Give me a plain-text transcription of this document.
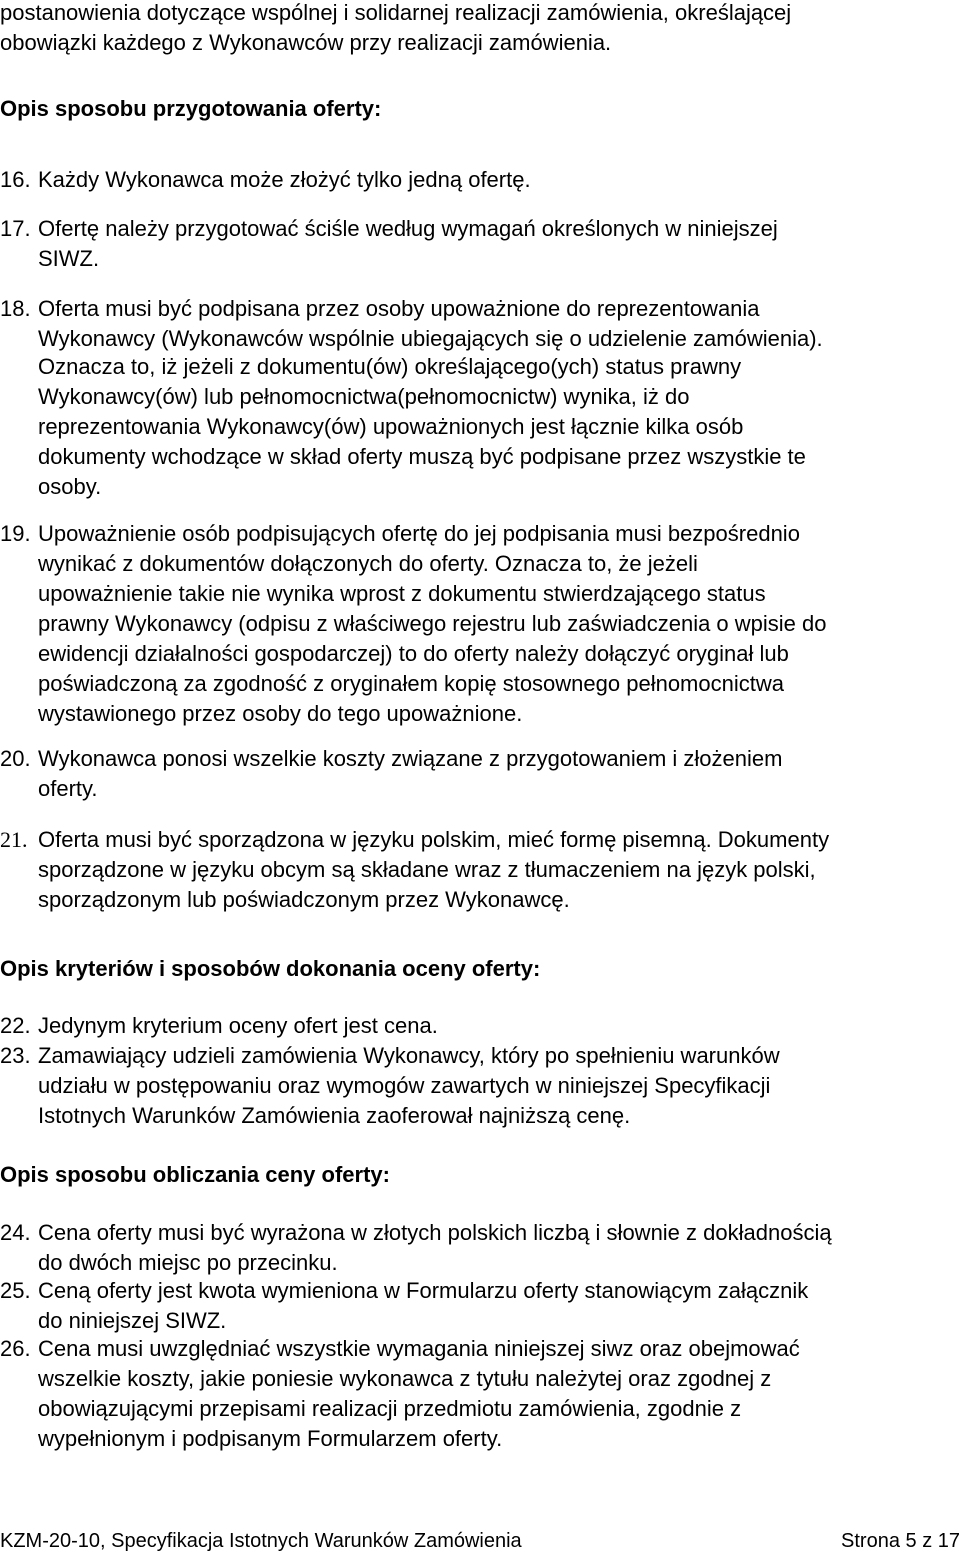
postanowienia dotyczące wspólnej i solidarnej realizacji zamówienia, określającej
obowiązki każdego z Wykonawców przy realizacji zamówienia.
Opis sposobu przygotowania oferty:
16. Każdy Wykonawca może złożyć tylko jedną ofertę.
17. Ofertę należy przygotować ściśle według wymagań określonych w niniejszej
SIWZ.
18. Oferta musi być podpisana przez osoby upoważnione do reprezentowania
Wykonawcy (Wykonawców wspólnie ubiegających się o udzielenie zamówienia).
Oznacza to, iż jeżeli z dokumentu(ów) określającego(ych) status prawny
Wykonawcy(ów) lub pełnomocnictwa(pełnomocnictw) wynika, iż do
reprezentowania Wykonawcy(ów) upoważnionych jest łącznie kilka osób
dokumenty wchodzące w skład oferty muszą być podpisane przez wszystkie te
osoby.
19. Upoważnienie osób podpisujących ofertę do jej podpisania musi bezpośrednio
wynikać z dokumentów dołączonych do oferty. Oznacza to, że jeżeli
upoważnienie takie nie wynika wprost z dokumentu stwierdzającego status
prawny Wykonawcy (odpisu z właściwego rejestru lub zaświadczenia o wpisie do
ewidencji działalności gospodarczej) to do oferty należy dołączyć oryginał lub
poświadczoną za zgodność z oryginałem kopię stosownego pełnomocnictwa
wystawionego przez osoby do tego upoważnione.
20. Wykonawca ponosi wszelkie koszty związane z przygotowaniem i złożeniem
oferty.
21. Oferta musi być sporządzona w języku polskim, mieć formę pisemną. Dokumenty
sporządzone w języku obcym są składane wraz z tłumaczeniem na język polski,
sporządzonym lub poświadczonym przez Wykonawcę.
Opis kryteriów i sposobów dokonania oceny oferty:
22. Jedynym kryterium oceny ofert jest cena.
23. Zamawiający udzieli zamówienia Wykonawcy, który po spełnieniu warunków
udziału w postępowaniu oraz wymogów zawartych w niniejszej Specyfikacji
Istotnych Warunków Zamówienia zaoferował najniższą cenę.
Opis sposobu obliczania ceny oferty:
24. Cena oferty musi być wyrażona w złotych polskich liczbą i słownie z dokładnością
do dwóch miejsc po przecinku.
25. Ceną oferty jest kwota wymieniona w Formularzu oferty stanowiącym załącznik
do niniejszej SIWZ.
26. Cena musi uwzględniać wszystkie wymagania niniejszej siwz oraz obejmować
wszelkie koszty, jakie poniesie wykonawca z tytułu należytej oraz zgodnej z
obowiązującymi przepisami realizacji przedmiotu zamówienia, zgodnie z
wypełnionym i podpisanym Formularzem oferty.
KZM-20-10, Specyfikacja Istotnych Warunków Zamówienia	Strona 5 z 17
